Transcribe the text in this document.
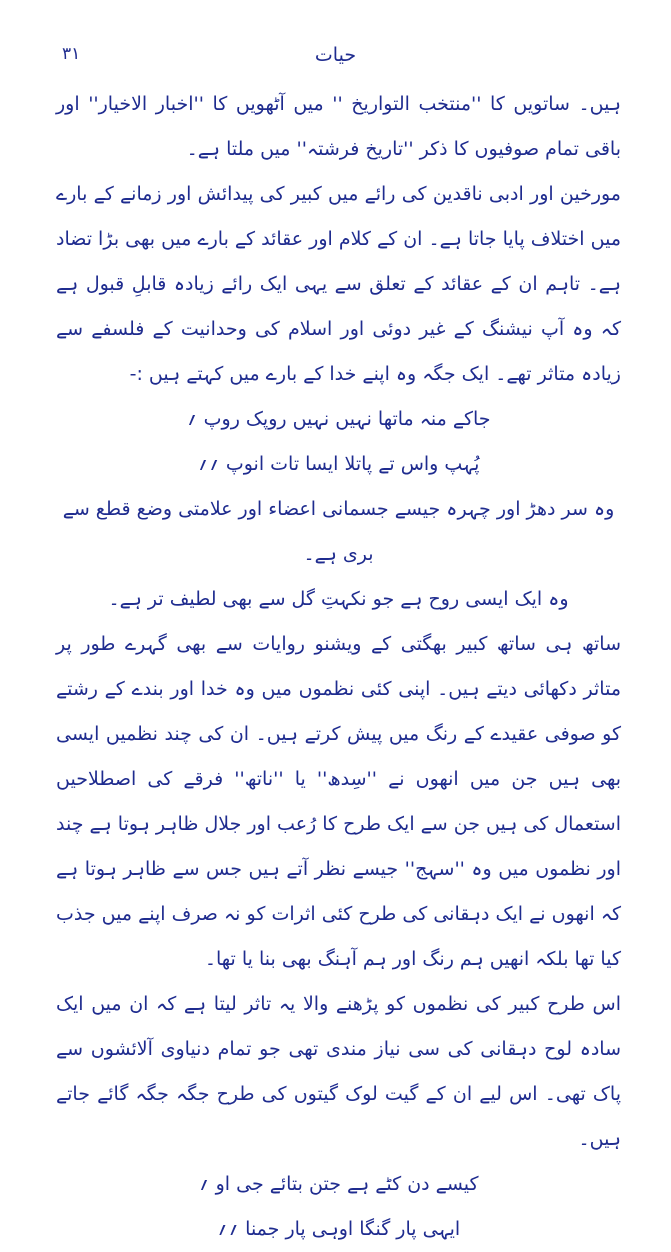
۳۱	حیات

ہیں۔ ساتویں کا ''منتخب التواریخ '' میں آٹھویں کا ''اخبار الاخیار'' اور باقی تمام صوفیوں کا ذکر ''تاریخ فرشتہ'' میں ملتا ہے۔

مورخین اور ادبی ناقدین کی رائے میں کبیر کی پیدائش اور زمانے کے بارے میں اختلاف پایا جاتا ہے۔ ان کے کلام اور عقائد کے بارے میں بھی بڑا تضاد ہے۔ تاہم ان کے عقائد کے تعلق سے یہی ایک رائے زیادہ قابلِ قبول ہے کہ وہ آپ نیشنگ کے غیر دوئی اور اسلام کی وحدانیت کے فلسفے سے زیادہ متاثر تھے۔ ایک جگہ وہ اپنے خدا کے بارے میں کہتے ہیں :-

جاکے منہ ماتھا نہیں نہیں روپک روپ ؍

پُہپ واس تے پاتلا ایسا تات انوپ ؍؍

وہ سر دھڑ اور چہرہ جیسے جسمانی اعضاء اور علامتی وضع قطع سے بری ہے۔

وہ ایک ایسی روح ہے جو نکہتِ گل سے بھی لطیف تر ہے۔

ساتھ ہی ساتھ کبیر بھگتی کے ویشنو روایات سے بھی گہرے طور پر متاثر دکھائی دیتے ہیں۔ اپنی کئی نظموں میں وہ خدا اور بندے کے رشتے کو صوفی عقیدے کے رنگ میں پیش کرتے ہیں۔ ان کی چند نظمیں ایسی بھی ہیں جن میں انھوں نے ''سِدھ'' یا ''ناتھ'' فرقے کی اصطلاحیں استعمال کی ہیں جن سے ایک طرح کا رُعب اور جلال ظاہر ہوتا ہے چند اور نظموں میں وہ ''سہج'' جیسے نظر آتے ہیں جس سے ظاہر ہوتا ہے کہ انھوں نے ایک دہقانی کی طرح کئی اثرات کو نہ صرف اپنے میں جذب کیا تھا بلکہ انھیں ہم رنگ اور ہم آہنگ بھی بنا یا تھا۔

اس طرح کبیر کی نظموں کو پڑھنے والا یہ تاثر لیتا ہے کہ ان میں ایک سادہ لوح دہقانی کی سی نیاز مندی تھی جو تمام دنیاوی آلائشوں سے پاک تھی۔ اس لیے ان کے گیت لوک گیتوں کی طرح جگہ جگہ گائے جاتے ہیں۔

کیسے دن کٹے ہے جتن بتائے جی او ؍

ایہی پار گنگا اوہی پار جمنا ؍؍
